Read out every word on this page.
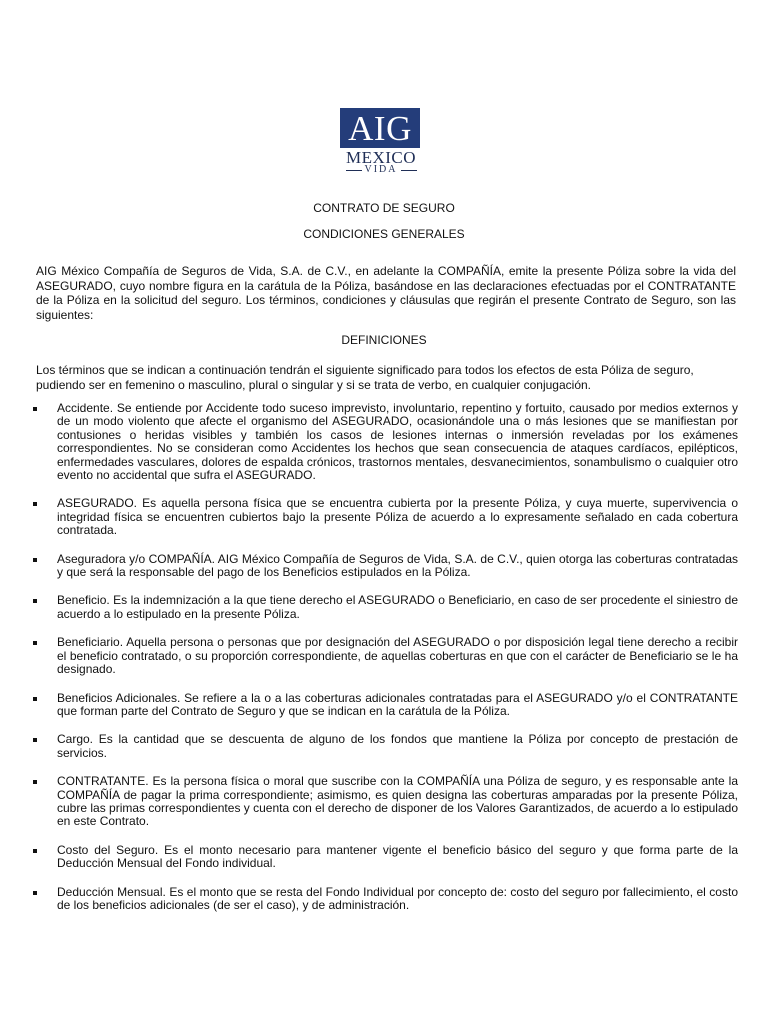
AIG
MEXICO
VIDA
CONTRATO DE SEGURO
CONDICIONES GENERALES
AIG México Compañía de Seguros de Vida, S.A. de C.V., en adelante la COMPAÑÍA, emite la presente Póliza sobre la vida del ASEGURADO, cuyo nombre figura en la carátula de la Póliza, basándose en las declaraciones efectuadas por el CONTRATANTE de la Póliza en la solicitud del seguro. Los términos, condiciones y cláusulas que regirán el presente Contrato de Seguro, son las siguientes:
DEFINICIONES
Los términos que se indican a continuación tendrán el siguiente significado para todos los efectos de esta Póliza de seguro, pudiendo ser en femenino o masculino, plural o singular y si se trata de verbo, en cualquier conjugación.
Accidente. Se entiende por Accidente todo suceso imprevisto, involuntario, repentino y fortuito, causado por medios externos y de un modo violento que afecte el organismo del ASEGURADO, ocasionándole una o más lesiones que se manifiestan por contusiones o heridas visibles y también los casos de lesiones internas o inmersión reveladas por los exámenes correspondientes. No se consideran como Accidentes los hechos que sean consecuencia de ataques cardíacos, epilépticos, enfermedades vasculares, dolores de espalda crónicos, trastornos mentales, desvanecimientos, sonambulismo o cualquier otro evento no accidental que sufra el ASEGURADO.
ASEGURADO. Es aquella persona física que se encuentra cubierta por la presente Póliza, y cuya muerte, supervivencia o integridad física se encuentren cubiertos bajo la presente Póliza de acuerdo a lo expresamente señalado en cada cobertura contratada.
Aseguradora y/o COMPAÑÍA. AIG México Compañía de Seguros de Vida, S.A. de C.V., quien otorga las coberturas contratadas y que será la responsable del pago de los Beneficios estipulados en la Póliza.
Beneficio. Es la indemnización a la que tiene derecho el ASEGURADO o Beneficiario, en caso de ser procedente el siniestro de acuerdo a lo estipulado en la presente Póliza.
Beneficiario. Aquella persona o personas que por designación del ASEGURADO o por disposición legal tiene derecho a recibir el beneficio contratado, o su proporción correspondiente, de aquellas coberturas en que con el carácter de Beneficiario se le ha designado.
Beneficios Adicionales. Se refiere a la o a las coberturas adicionales contratadas para el ASEGURADO y/o el CONTRATANTE que forman parte del Contrato de Seguro y que se indican en la carátula de la Póliza.
Cargo. Es la cantidad que se descuenta de alguno de los fondos que mantiene la Póliza por concepto de prestación de servicios.
CONTRATANTE. Es la persona física o moral que suscribe con la COMPAÑÍA una Póliza de seguro, y es responsable ante la COMPAÑÍA de pagar la prima correspondiente; asimismo, es quien designa las coberturas amparadas por la presente Póliza, cubre las primas correspondientes y cuenta con el derecho de disponer de los Valores Garantizados, de acuerdo a lo estipulado en este Contrato.
Costo del Seguro. Es el monto necesario para mantener vigente el beneficio básico del seguro y que forma parte de la Deducción Mensual del Fondo individual.
Deducción Mensual. Es el monto que se resta del Fondo Individual por concepto de: costo del seguro por fallecimiento, el costo de los beneficios adicionales (de ser el caso), y de administración.
